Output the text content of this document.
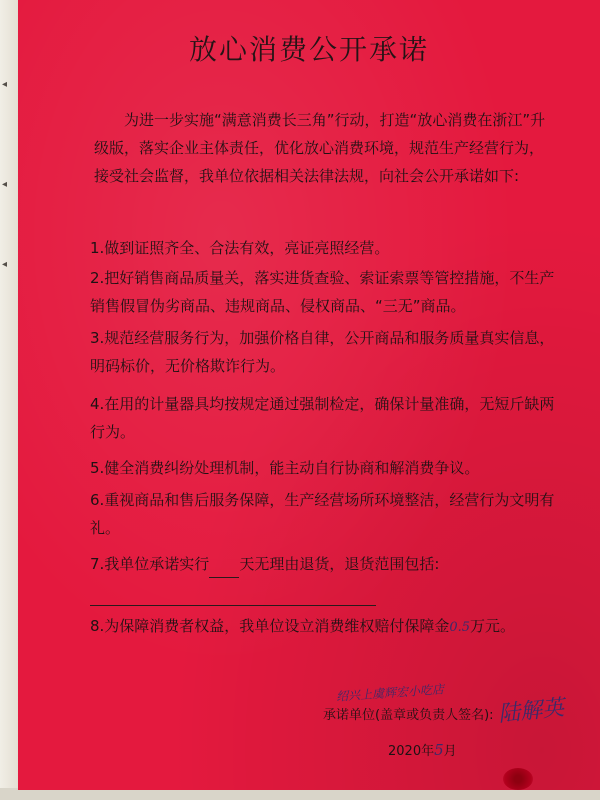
◂
◂
◂
放心消费公开承诺
为进一步实施“满意消费长三角”行动，打造“放心消费在浙江”升级版，落实企业主体责任，优化放心消费环境，规范生产经营行为，接受社会监督，我单位依据相关法律法规，向社会公开承诺如下:
1.做到证照齐全、合法有效，亮证亮照经营。
2.把好销售商品质量关，落实进货查验、索证索票等管控措施，不生产销售假冒伪劣商品、违规商品、侵权商品、“三无”商品。
3.规范经营服务行为，加强价格自律，公开商品和服务质量真实信息，明码标价，无价格欺诈行为。
4.在用的计量器具均按规定通过强制检定，确保计量准确，无短斤缺两行为。
5.健全消费纠纷处理机制，能主动自行协商和解消费争议。
6.重视商品和售后服务保障，生产经营场所环境整洁，经营行为文明有礼。
7.我单位承诺实行 天无理由退货，退货范围包括:
8.为保障消费者权益，我单位设立消费维权赔付保障金0.5万元。
绍兴上虞辉宏小吃店
承诺单位(盖章或负责人签名): 陆解英
2020年5月
